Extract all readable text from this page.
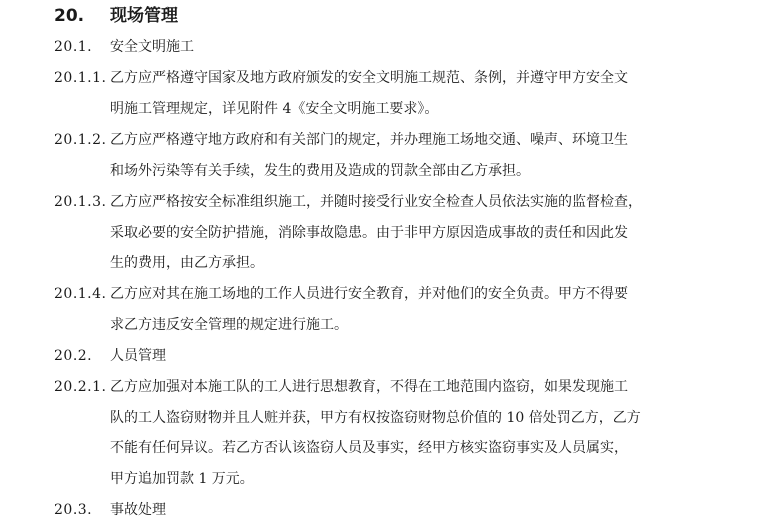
20. 现场管理
20.1. 安全文明施工
20.1.1. 乙方应严格遵守国家及地方政府颁发的安全文明施工规范、条例，并遵守甲方安全文
明施工管理规定，详见附件 4《安全文明施工要求》。
20.1.2. 乙方应严格遵守地方政府和有关部门的规定，并办理施工场地交通、噪声、环境卫生
和场外污染等有关手续，发生的费用及造成的罚款全部由乙方承担。
20.1.3. 乙方应严格按安全标准组织施工，并随时接受行业安全检查人员依法实施的监督检查，
采取必要的安全防护措施，消除事故隐患。由于非甲方原因造成事故的责任和因此发
生的费用，由乙方承担。
20.1.4. 乙方应对其在施工场地的工作人员进行安全教育，并对他们的安全负责。甲方不得要
求乙方违反安全管理的规定进行施工。
20.2. 人员管理
20.2.1. 乙方应加强对本施工队的工人进行思想教育，不得在工地范围内盗窃，如果发现施工
队的工人盗窃财物并且人赃并获，甲方有权按盗窃财物总价值的 10 倍处罚乙方，乙方
不能有任何异议。若乙方否认该盗窃人员及事实，经甲方核实盗窃事实及人员属实，
甲方追加罚款 1 万元。
20.3. 事故处理
